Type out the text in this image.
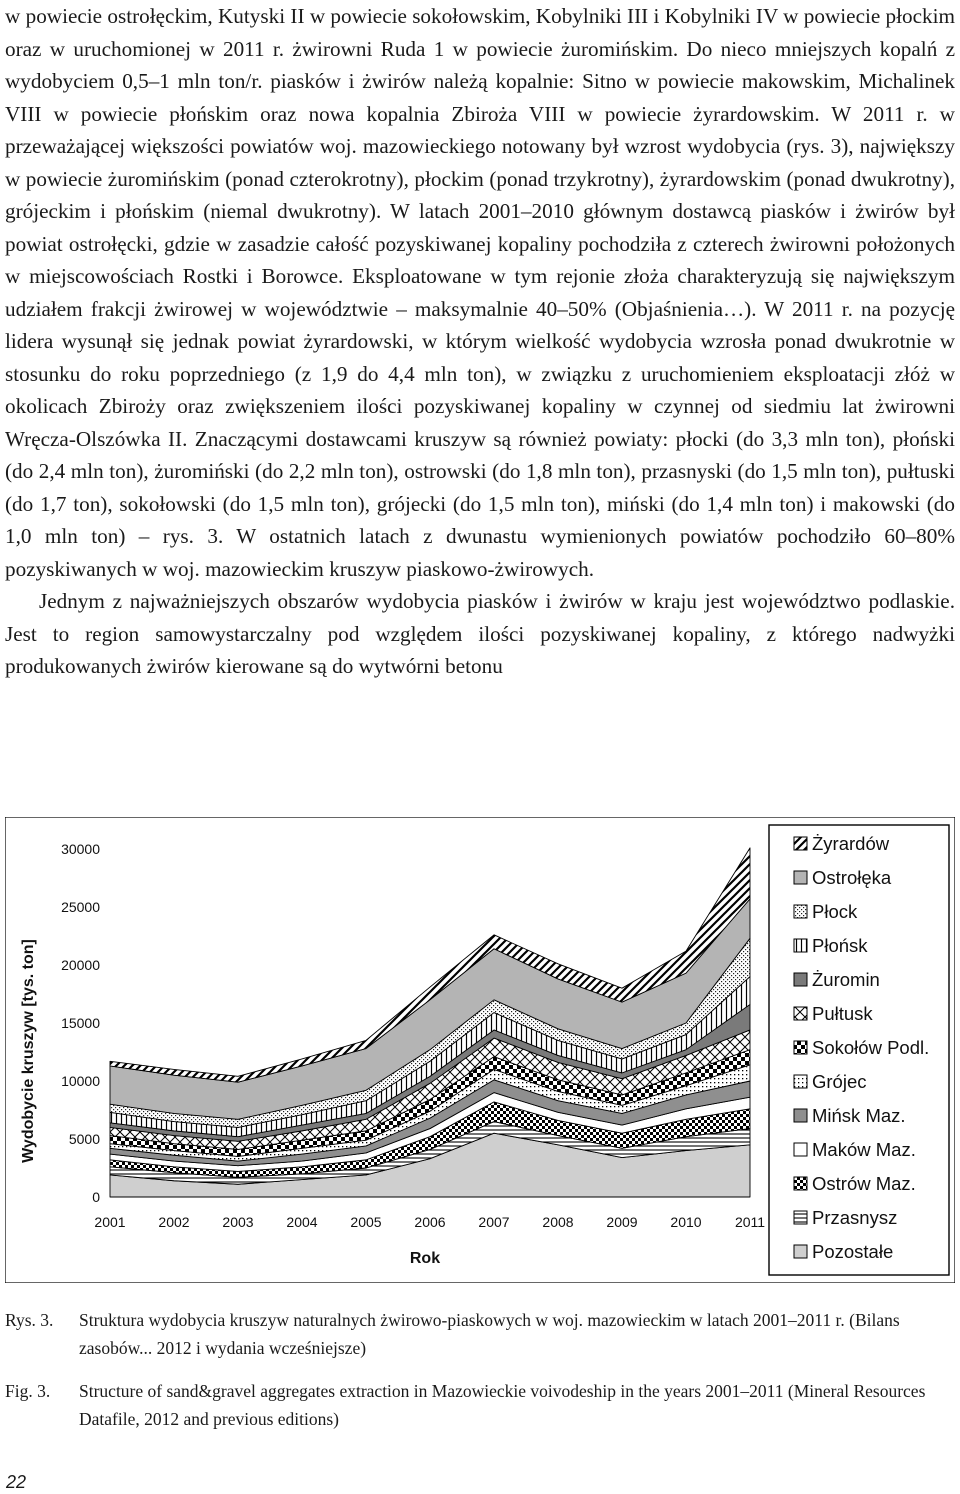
w powiecie ostrołęckim, Kutyski II w powiecie sokołowskim, Kobylniki III i Kobylniki IV w powiecie płockim oraz w uruchomionej w 2011 r. żwirowni Ruda 1 w powiecie żuromińskim. Do nieco mniejszych kopalń z wydobyciem 0,5–1 mln ton/r. piasków i żwirów należą kopalnie: Sitno w powiecie makowskim, Michalinek VIII w powiecie płońskim oraz nowa kopalnia Zbiroża VIII w powiecie żyrardowskim. W 2011 r. w przeważającej większości powiatów woj. mazowieckiego notowany był wzrost wydobycia (rys. 3), największy w powiecie żuromińskim (ponad czterokrotny), płockim (ponad trzykrotny), żyrardowskim (ponad dwukrotny), grójeckim i płońskim (niemal dwukrotny). W latach 2001–2010 głównym dostawcą piasków i żwirów był powiat ostrołęcki, gdzie w zasadzie całość pozyskiwanej kopaliny pochodziła z czterech żwirowni położonych w miejscowościach Rostki i Borowce. Eksploatowane w tym rejonie złoża charakteryzują się największym udziałem frakcji żwirowej w województwie – maksymalnie 40–50% (Objaśnienia…). W 2011 r. na pozycję lidera wysunął się jednak powiat żyrardowski, w którym wielkość wydobycia wzrosła ponad dwukrotnie w stosunku do roku poprzedniego (z 1,9 do 4,4 mln ton), w związku z uruchomieniem eksploatacji złóż w okolicach Zbiroży oraz zwiększeniem ilości pozyskiwanej kopaliny w czynnej od siedmiu lat żwirowni Wręcza-Olszówka II. Znaczącymi dostawcami kruszyw są również powiaty: płocki (do 3,3 mln ton), płoński (do 2,4 mln ton), żuromiński (do 2,2 mln ton), ostrowski (do 1,8 mln ton), przasnyski (do 1,5 mln ton), pułtuski (do 1,7 ton), sokołowski (do 1,5 mln ton), grójecki (do 1,5 mln ton), miński (do 1,4 mln ton) i makowski (do 1,0 mln ton) – rys. 3. W ostatnich latach z dwunastu wymienionych powiatów pochodziło 60–80% pozyskiwanych w woj. mazowieckim kruszyw piaskowo-żwirowych.

Jednym z najważniejszych obszarów wydobycia piasków i żwirów w kraju jest województwo podlaskie. Jest to region samowystarczalny pod względem ilości pozyskiwanej kopaliny, z którego nadwyżki produkowanych żwirów kierowane są do wytwórni betonu

0
5000
10000
15000
20000
25000
30000
2001 2002 2003 2004 2005 2006 2007 2008 2009 2010 2011
Wydobycie kruszyw [tys. ton]
Rok
Żyrardów
Ostrołęka
Płock
Płońsk
Żuromin
Pułtusk
Sokołów Podl.
Grójec
Mińsk Maz.
Maków Maz.
Ostrów Maz.
Przasnysz
Pozostałe
Rys. 3. Struktura wydobycia kruszyw naturalnych żwirowo-piaskowych w woj. mazowieckim w latach 2001–2011 r. (Bilans zasobów... 2012 i wydania wcześniejsze)
Fig. 3. Structure of sand&gravel aggregates extraction in Mazowieckie voivodeship in the years 2001–2011 (Mineral Resources Datafile, 2012 and previous editions)
22
